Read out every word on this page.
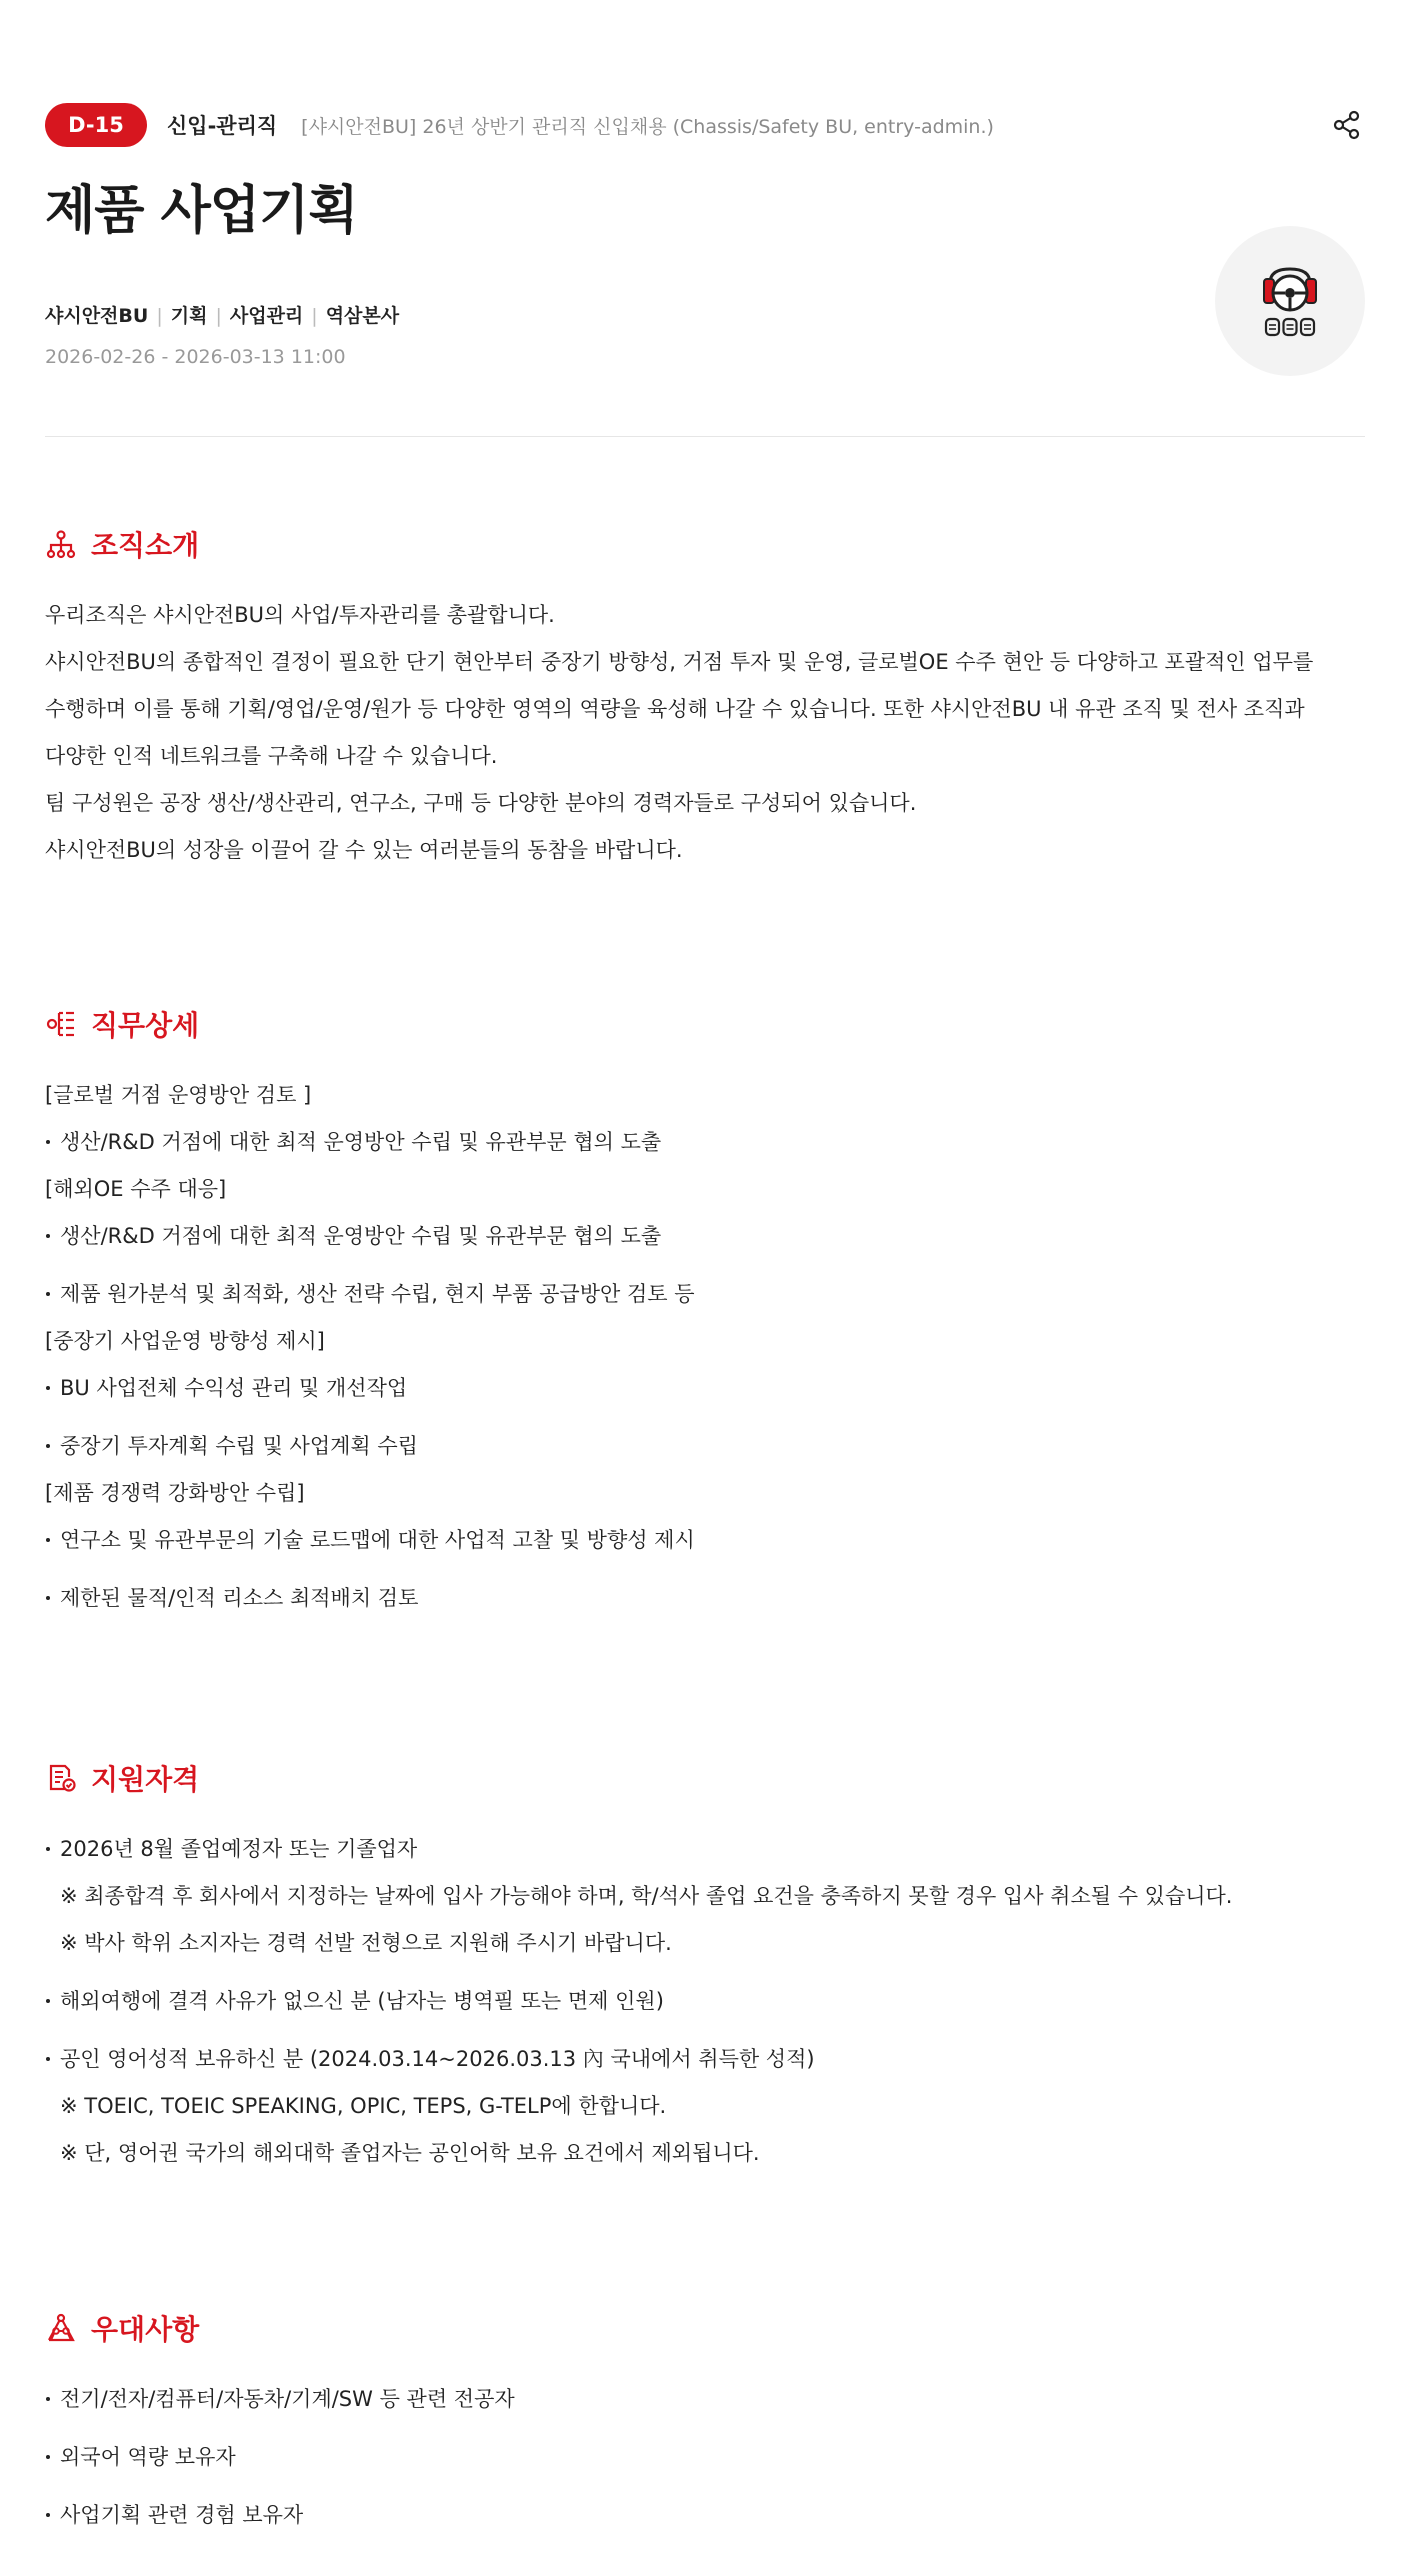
D-15	신입-관리직 [샤시안전BU] 26년 상반기 관리직 신입채용 (Chassis/Safety BU, entry-admin.)
제품 사업기획
샤시안전BU | 기획 | 사업관리 | 역삼본사
2026-02-26 - 2026-03-13 11:00
조직소개
우리조직은 샤시안전BU의 사업/투자관리를 총괄합니다.
샤시안전BU의 종합적인 결정이 필요한 단기 현안부터 중장기 방향성, 거점 투자 및 운영, 글로벌OE 수주 현안 등 다양하고 포괄적인 업무를
수행하며 이를 통해 기획/영업/운영/원가 등 다양한 영역의 역량을 육성해 나갈 수 있습니다. 또한 샤시안전BU 내 유관 조직 및 전사 조직과
다양한 인적 네트워크를 구축해 나갈 수 있습니다.
팀 구성원은 공장 생산/생산관리, 연구소, 구매 등 다양한 분야의 경력자들로 구성되어 있습니다.
샤시안전BU의 성장을 이끌어 갈 수 있는 여러분들의 동참을 바랍니다.
직무상세
[글로벌 거점 운영방안 검토 ]
생산/R&D 거점에 대한 최적 운영방안 수립 및 유관부문 협의 도출
[해외OE 수주 대응]
생산/R&D 거점에 대한 최적 운영방안 수립 및 유관부문 협의 도출
제품 원가분석 및 최적화, 생산 전략 수립, 현지 부품 공급방안 검토 등
[중장기 사업운영 방향성 제시]
BU 사업전체 수익성 관리 및 개선작업
중장기 투자계획 수립 및 사업계획 수립
[제품 경쟁력 강화방안 수립]
연구소 및 유관부문의 기술 로드맵에 대한 사업적 고찰 및 방향성 제시
제한된 물적/인적 리소스 최적배치 검토
지원자격
2026년 8월 졸업예정자 또는 기졸업자
※ 최종합격 후 회사에서 지정하는 날짜에 입사 가능해야 하며, 학/석사 졸업 요건을 충족하지 못할 경우 입사 취소될 수 있습니다.
※ 박사 학위 소지자는 경력 선발 전형으로 지원해 주시기 바랍니다.
해외여행에 결격 사유가 없으신 분 (남자는 병역필 또는 면제 인원)
공인 영어성적 보유하신 분 (2024.03.14~2026.03.13 內 국내에서 취득한 성적)
※ TOEIC, TOEIC SPEAKING, OPIC, TEPS, G-TELP에 한합니다.
※ 단, 영어권 국가의 해외대학 졸업자는 공인어학 보유 요건에서 제외됩니다.
우대사항
전기/전자/컴퓨터/자동차/기계/SW 등 관련 전공자
외국어 역량 보유자
사업기획 관련 경험 보유자
